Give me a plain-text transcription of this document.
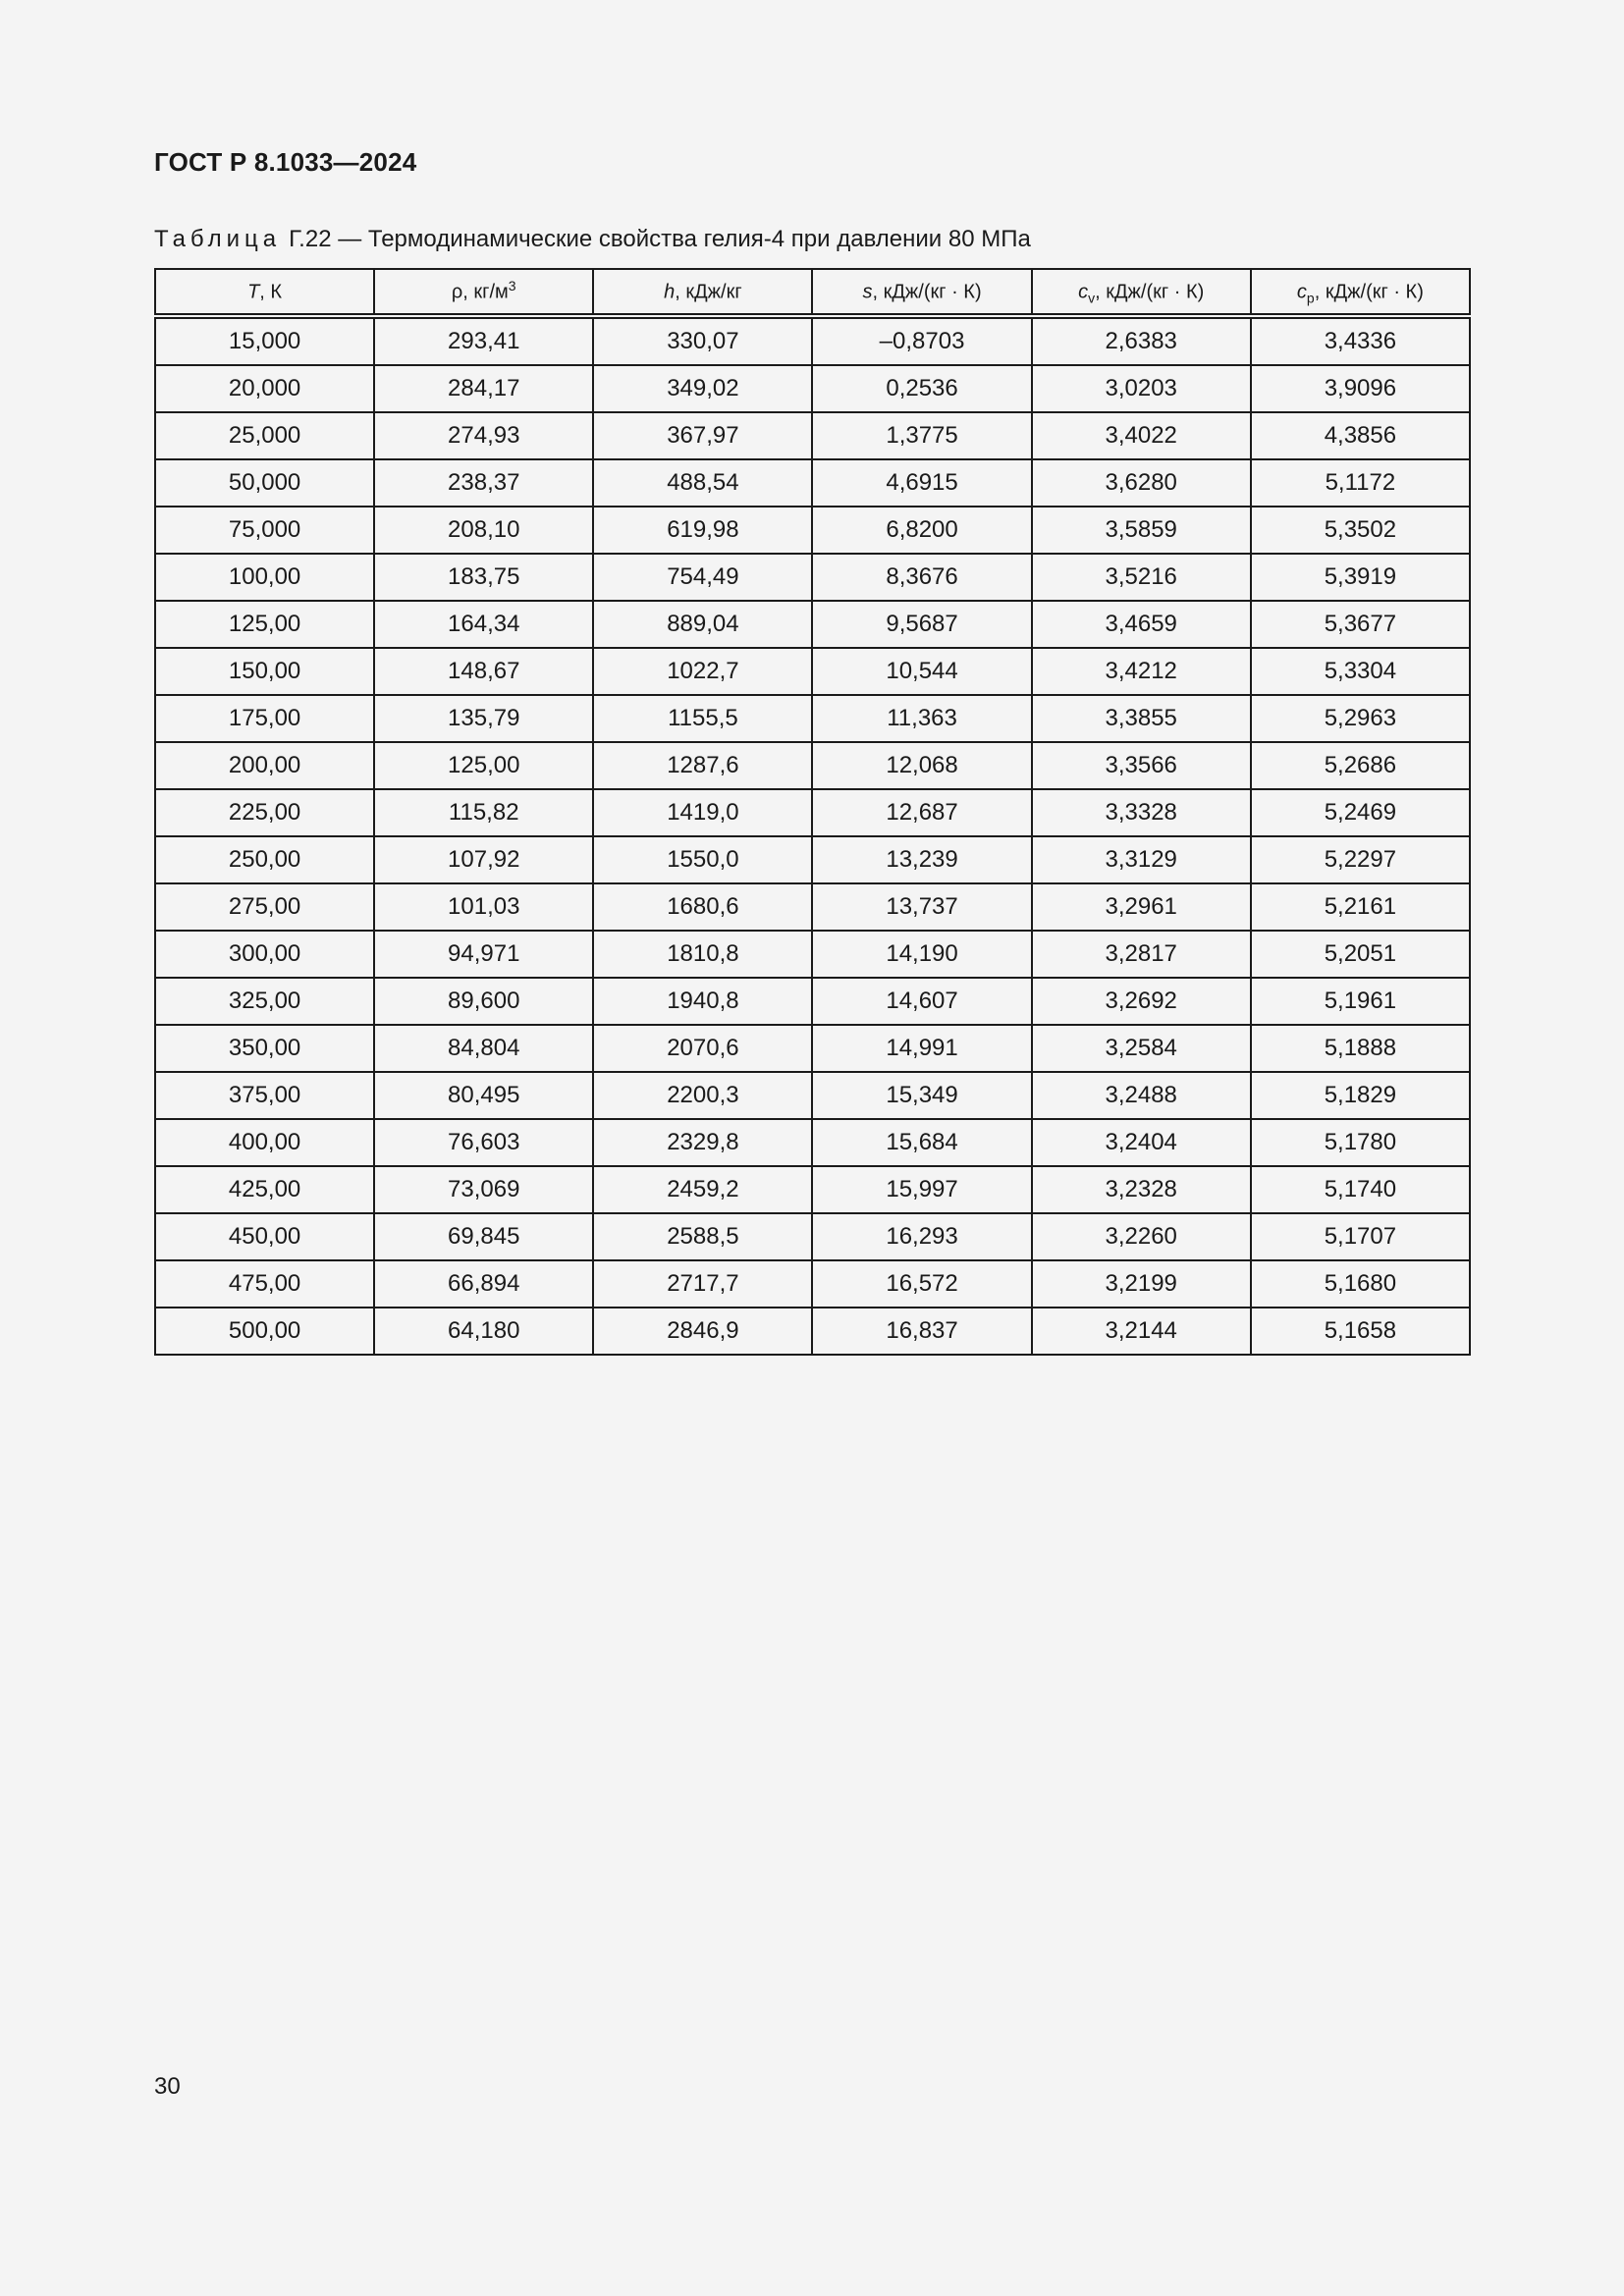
ГОСТ Р 8.1033—2024
Таблица Г.22 — Термодинамические свойства гелия-4 при давлении 80 МПа
T, К	ρ, $кг/м^3$	h, кДж/кг	s, кДж/(кг · К)	$c_v$, кДж/(кг · К)	$c_p$, кДж/(кг · К)
15,000	293,41	330,07	–0,8703	2,6383	3,4336
20,000	284,17	349,02	0,2536	3,0203	3,9096
25,000	274,93	367,97	1,3775	3,4022	4,3856
50,000	238,37	488,54	4,6915	3,6280	5,1172
75,000	208,10	619,98	6,8200	3,5859	5,3502
100,00	183,75	754,49	8,3676	3,5216	5,3919
125,00	164,34	889,04	9,5687	3,4659	5,3677
150,00	148,67	1022,7	10,544	3,4212	5,3304
175,00	135,79	1155,5	11,363	3,3855	5,2963
200,00	125,00	1287,6	12,068	3,3566	5,2686
225,00	115,82	1419,0	12,687	3,3328	5,2469
250,00	107,92	1550,0	13,239	3,3129	5,2297
275,00	101,03	1680,6	13,737	3,2961	5,2161
300,00	94,971	1810,8	14,190	3,2817	5,2051
325,00	89,600	1940,8	14,607	3,2692	5,1961
350,00	84,804	2070,6	14,991	3,2584	5,1888
375,00	80,495	2200,3	15,349	3,2488	5,1829
400,00	76,603	2329,8	15,684	3,2404	5,1780
425,00	73,069	2459,2	15,997	3,2328	5,1740
450,00	69,845	2588,5	16,293	3,2260	5,1707
475,00	66,894	2717,7	16,572	3,2199	5,1680
500,00	64,180	2846,9	16,837	3,2144	5,1658
30
